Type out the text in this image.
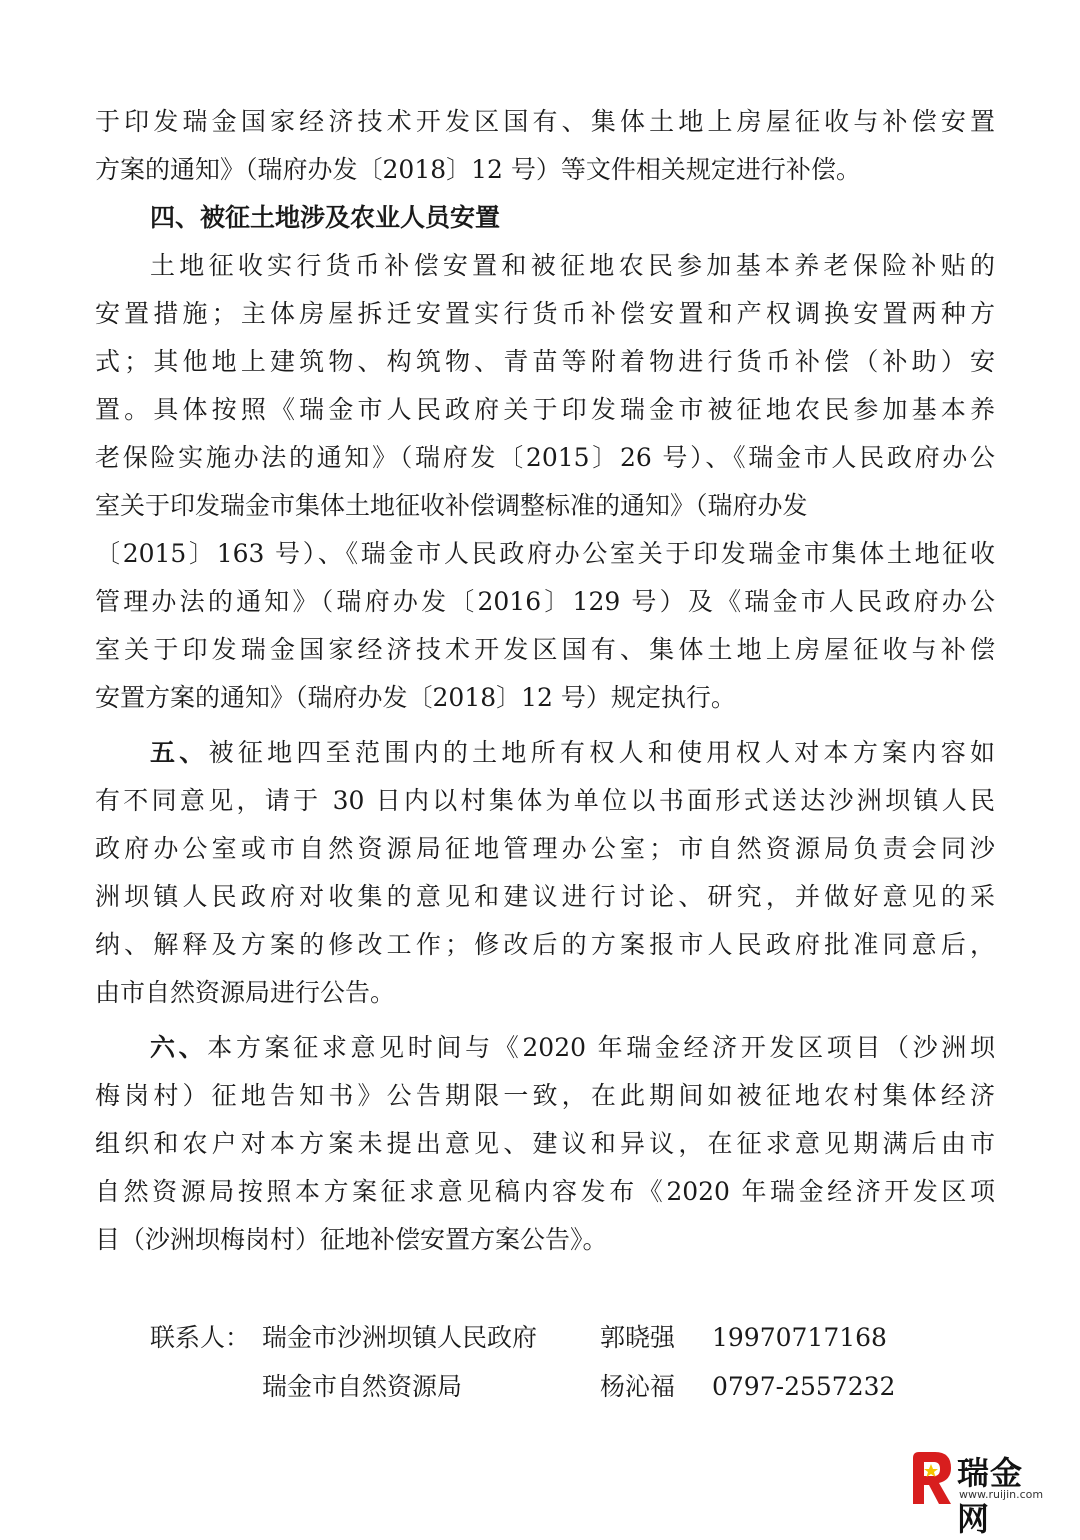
于印发瑞金国家经济技术开发区国有、集体土地上房屋征收与补偿安置
方案的通知》（瑞府办发〔2018〕12 号）等文件相关规定进行补偿。
四、被征土地涉及农业人员安置
土地征收实行货币补偿安置和被征地农民参加基本养老保险补贴的
安置措施；主体房屋拆迁安置实行货币补偿安置和产权调换安置两种方
式；其他地上建筑物、构筑物、青苗等附着物进行货币补偿（补助）安
置。具体按照《瑞金市人民政府关于印发瑞金市被征地农民参加基本养
老保险实施办法的通知》（瑞府发〔2015〕26 号）、《瑞金市人民政府办公
室关于印发瑞金市集体土地征收补偿调整标准的通知》（瑞府办发
〔2015〕163 号）、《瑞金市人民政府办公室关于印发瑞金市集体土地征收
管理办法的通知》（瑞府办发〔2016〕129 号）及《瑞金市人民政府办公
室关于印发瑞金国家经济技术开发区国有、集体土地上房屋征收与补偿
安置方案的通知》（瑞府办发〔2018〕12 号）规定执行。
五、被征地四至范围内的土地所有权人和使用权人对本方案内容如
有不同意见，请于 30 日内以村集体为单位以书面形式送达沙洲坝镇人民
政府办公室或市自然资源局征地管理办公室；市自然资源局负责会同沙
洲坝镇人民政府对收集的意见和建议进行讨论、研究，并做好意见的采
纳、解释及方案的修改工作；修改后的方案报市人民政府批准同意后，
由市自然资源局进行公告。
六、本方案征求意见时间与《2020 年瑞金经济开发区项目（沙洲坝
梅岗村）征地告知书》公告期限一致，在此期间如被征地农村集体经济
组织和农户对本方案未提出意见、建议和异议，在征求意见期满后由市
自然资源局按照本方案征求意见稿内容发布《2020 年瑞金经济开发区项
目（沙洲坝梅岗村）征地补偿安置方案公告》。
联系人： 瑞金市沙洲坝镇人民政府	郭晓强 19970717168
瑞金市自然资源局	杨沁福 0797-2557232
瑞金网
www.ruijin.com
